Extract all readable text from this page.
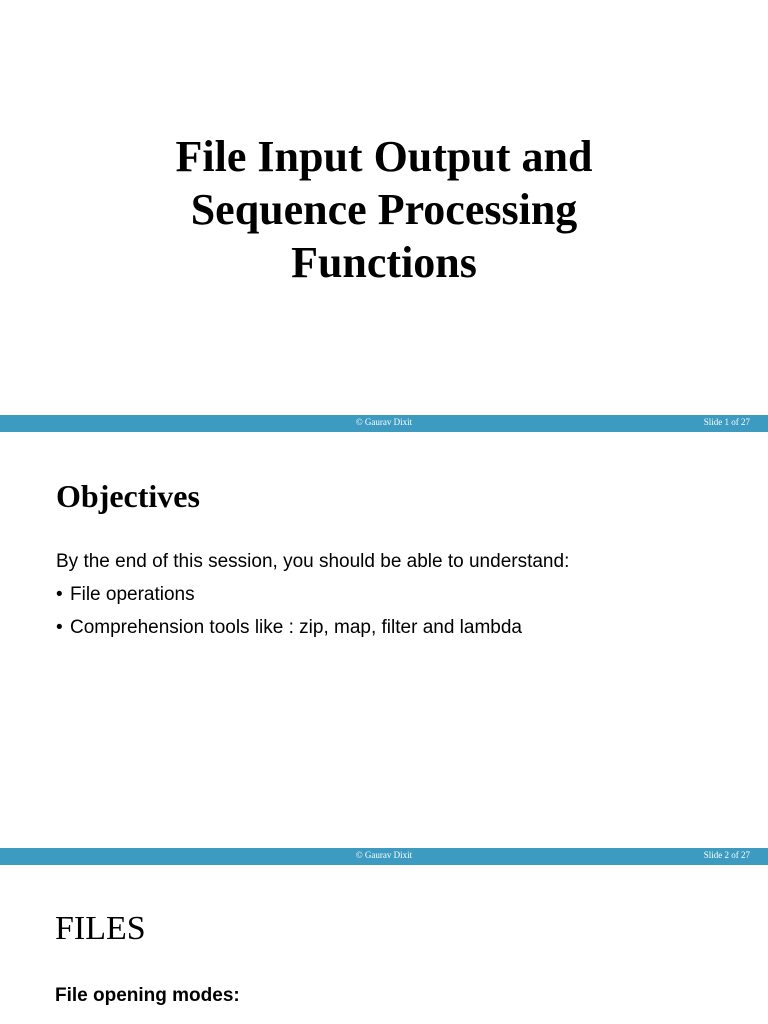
File Input Output and
Sequence Processing
Functions
© Gaurav Dixit	Slide 1 of 27
Objectives
By the end of this session, you should be able to understand:
• File operations
• Comprehension tools like : zip, map, filter and lambda
© Gaurav Dixit	Slide 2 of 27
FILES
File opening modes:
